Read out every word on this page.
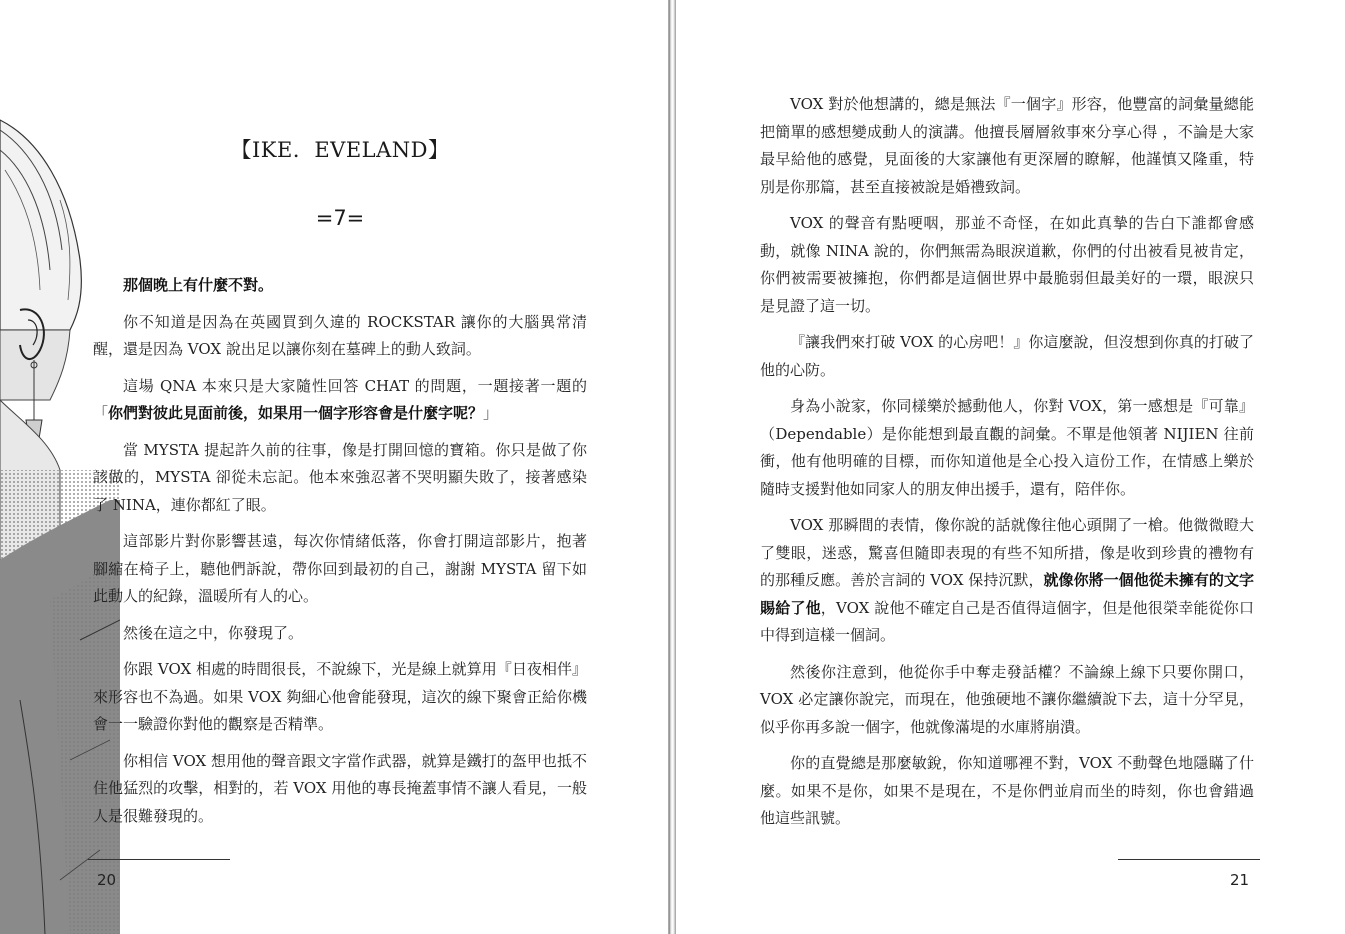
【IKE．EVELAND】
=7=

那個晚上有什麼不對。

你不知道是因為在英國買到久違的 ROCKSTAR 讓你的大腦異常清醒，還是因為 VOX 說出足以讓你刻在墓碑上的動人致詞。

這場 QNA 本來只是大家隨性回答 CHAT 的問題，一題接著一題的「你們對彼此見面前後，如果用一個字形容會是什麼字呢？」

當 MYSTA 提起許久前的往事，像是打開回憶的寶箱。你只是做了你該做的，MYSTA 卻從未忘記。他本來強忍著不哭明顯失敗了，接著感染了 NINA，連你都紅了眼。

這部影片對你影響甚遠，每次你情緒低落，你會打開這部影片，抱著腳縮在椅子上，聽他們訴說，帶你回到最初的自己，謝謝 MYSTA 留下如此動人的紀錄，溫暖所有人的心。

然後在這之中，你發現了。

你跟 VOX 相處的時間很長，不說線下，光是線上就算用『日夜相伴』來形容也不為過。如果 VOX 夠細心他會能發現，這次的線下聚會正給你機會一一驗證你對他的觀察是否精準。

你相信 VOX 想用他的聲音跟文字當作武器，就算是鐵打的盔甲也抵不住他猛烈的攻擊，相對的，若 VOX 用他的專長掩蓋事情不讓人看見，一般人是很難發現的。

20

VOX 對於他想講的，總是無法『一個字』形容，他豐富的詞彙量總能把簡單的感想變成動人的演講。他擅長層層敘事來分享心得 ，不論是大家最早給他的感覺，見面後的大家讓他有更深層的瞭解，他謹慎又隆重，特別是你那篇，甚至直接被說是婚禮致詞。

VOX 的聲音有點哽咽，那並不奇怪，在如此真摯的告白下誰都會感動，就像 NINA 說的，你們無需為眼淚道歉，你們的付出被看見被肯定，你們被需要被擁抱，你們都是這個世界中最脆弱但最美好的一環，眼淚只是見證了這一切。

『讓我們來打破 VOX 的心房吧！』你這麼說，但沒想到你真的打破了他的心防。

身為小說家，你同樣樂於撼動他人，你對 VOX，第一感想是『可靠』（Dependable）是你能想到最直觀的詞彙。不單是他領著 NIJIEN 往前衝，他有他明確的目標，而你知道他是全心投入這份工作，在情感上樂於隨時支援對他如同家人的朋友伸出援手，還有，陪伴你。

VOX 那瞬間的表情，像你說的話就像往他心頭開了一槍。他微微瞪大了雙眼，迷惑，驚喜但隨即表現的有些不知所措，像是收到珍貴的禮物有的那種反應。善於言詞的 VOX 保持沉默，就像你將一個他從未擁有的文字賜給了他，VOX 說他不確定自己是否值得這個字，但是他很榮幸能從你口中得到這樣一個詞。

然後你注意到，他從你手中奪走發話權？不論線上線下只要你開口，VOX 必定讓你說完，而現在，他強硬地不讓你繼續說下去，這十分罕見，似乎你再多說一個字，他就像滿堤的水庫將崩潰。

你的直覺總是那麼敏銳，你知道哪裡不對，VOX 不動聲色地隱瞞了什麼。如果不是你，如果不是現在，不是你們並肩而坐的時刻，你也會錯過他這些訊號。

21
